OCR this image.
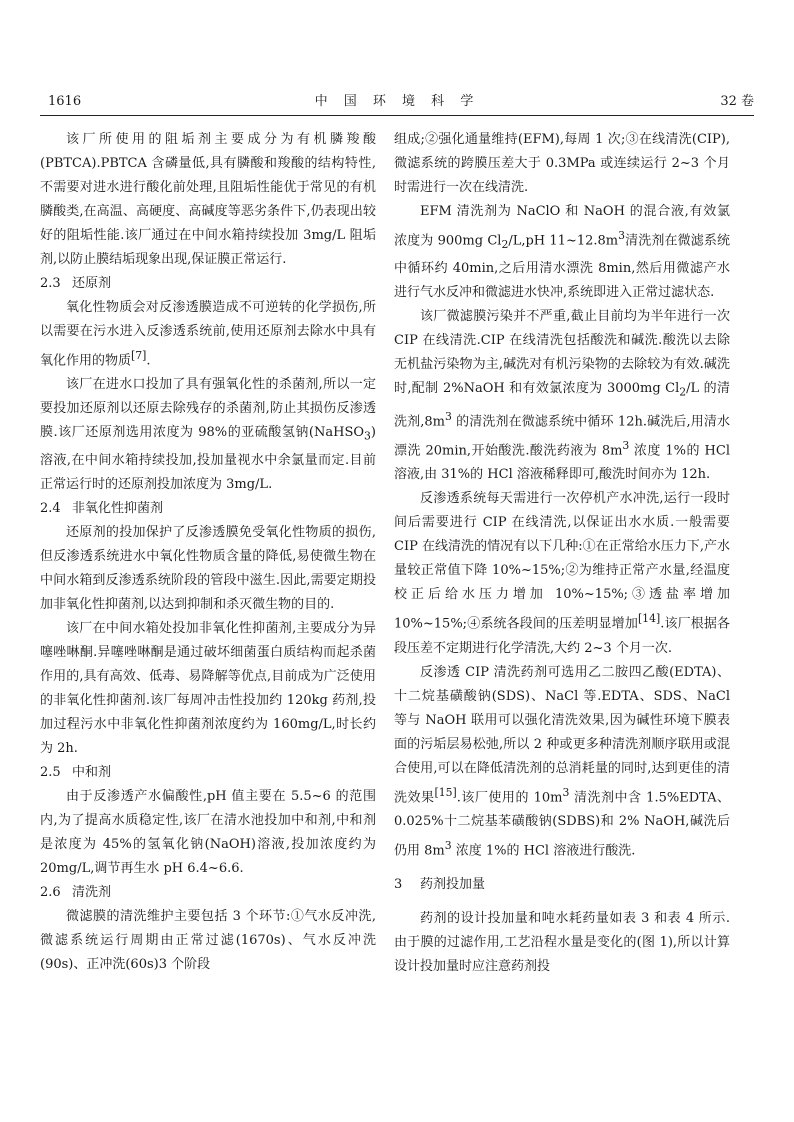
1616	中 国 环 境 科 学	32 卷

该厂所使用的阻垢剂主要成分为有机膦羧酸(PBTCA).PBTCA 含磷量低,具有膦酸和羧酸的结构特性,不需要对进水进行酸化前处理,且阻垢性能优于常见的有机膦酸类,在高温、高硬度、高碱度等恶劣条件下,仍表现出较好的阻垢性能.该厂通过在中间水箱持续投加 3mg/L 阻垢剂,以防止膜结垢现象出现,保证膜正常运行.

2.3 还原剂

氧化性物质会对反渗透膜造成不可逆转的化学损伤,所以需要在污水进入反渗透系统前,使用还原剂去除水中具有氧化作用的物质[7].

该厂在进水口投加了具有强氧化性的杀菌剂,所以一定要投加还原剂以还原去除残存的杀菌剂,防止其损伤反渗透膜.该厂还原剂选用浓度为 98%的亚硫酸氢钠(NaHSO$_3$)溶液,在中间水箱持续投加,投加量视水中余氯量而定.目前正常运行时的还原剂投加浓度为 3mg/L.

2.4 非氧化性抑菌剂

还原剂的投加保护了反渗透膜免受氧化性物质的损伤,但反渗透系统进水中氧化性物质含量的降低,易使微生物在中间水箱到反渗透系统阶段的管段中滋生.因此,需要定期投加非氧化性抑菌剂,以达到抑制和杀灭微生物的目的.

该厂在中间水箱处投加非氧化性抑菌剂,主要成分为异噻唑啉酮.异噻唑啉酮是通过破坏细菌蛋白质结构而起杀菌作用的,具有高效、低毒、易降解等优点,目前成为广泛使用的非氧化性抑菌剂.该厂每周冲击性投加约 120kg 药剂,投加过程污水中非氧化性抑菌剂浓度约为 160mg/L,时长约为 2h.

2.5 中和剂

由于反渗透产水偏酸性,pH 值主要在 5.5~6 的范围内,为了提高水质稳定性,该厂在清水池投加中和剂,中和剂是浓度为 45%的氢氧化钠(NaOH)溶液,投加浓度约为 20mg/L,调节再生水 pH 6.4~6.6.

2.6 清洗剂

微滤膜的清洗维护主要包括 3 个环节:①气水反冲洗,微滤系统运行周期由正常过滤(1670s)、气水反冲洗(90s)、正冲洗(60s)3 个阶段

组成;②强化通量维持(EFM),每周 1 次;③在线清洗(CIP),微滤系统的跨膜压差大于 0.3MPa 或连续运行 2~3 个月时需进行一次在线清洗.

EFM 清洗剂为 NaClO 和 NaOH 的混合液,有效氯浓度为 900mg $Cl_2/L,pH$ $11\sim 12.8m^3$清洗剂在微滤系统中循环约 40min,之后用清水漂洗 8min,然后用微滤产水进行气水反冲和微滤进水快冲,系统即进入正常过滤状态.

该厂微滤膜污染并不严重,截止目前均为半年进行一次 CIP 在线清洗.CIP 在线清洗包括酸洗和碱洗.酸洗以去除无机盐污染物为主,碱洗对有机污染物的去除较为有效.碱洗时,配制 2%NaOH 和有效氯浓度为 3000mg $Cl_2/L$ 的清洗剂$,8m^3$ 的清洗剂在微滤系统中循环 12h.碱洗后,用清水漂洗 20min,开始酸洗.酸洗药液为 $8m^3$ 浓度 1%的 HCl 溶液,由 31%的 HCl 溶液稀释即可,酸洗时间亦为 12h.

反渗透系统每天需进行一次停机产水冲洗,运行一段时间后需要进行 CIP 在线清洗,以保证出水水质.一般需要 CIP 在线清洗的情况有以下几种:①在正常给水压力下,产水量较正常值下降 10%~15%;②为维持正常产水量,经温度校正后给水压力增加 10%~15%;③透盐率增加 10%~15%;④系统各段间的压差明显增加[14].该厂根据各段压差不定期进行化学清洗,大约 2~3 个月一次.

反渗透 CIP 清洗药剂可选用乙二胺四乙酸(EDTA)、十二烷基磺酸钠(SDS)、NaCl 等.EDTA、SDS、NaCl 等与 NaOH 联用可以强化清洗效果,因为碱性环境下膜表面的污垢层易松弛,所以 2 种或更多种清洗剂顺序联用或混合使用,可以在降低清洗剂的总消耗量的同时,达到更佳的清洗效果[15].该厂使用的 $10m^3$ 清洗剂中含 1.5%EDTA、0.025%十二烷基苯磺酸钠(SDBS)和 2% NaOH,碱洗后仍用 $8m^3$ 浓度 1%的 HCl 溶液进行酸洗.

3 药剂投加量

药剂的设计投加量和吨水耗药量如表 3 和表 4 所示.由于膜的过滤作用,工艺沿程水量是变化的(图 1),所以计算设计投加量时应注意药剂投
